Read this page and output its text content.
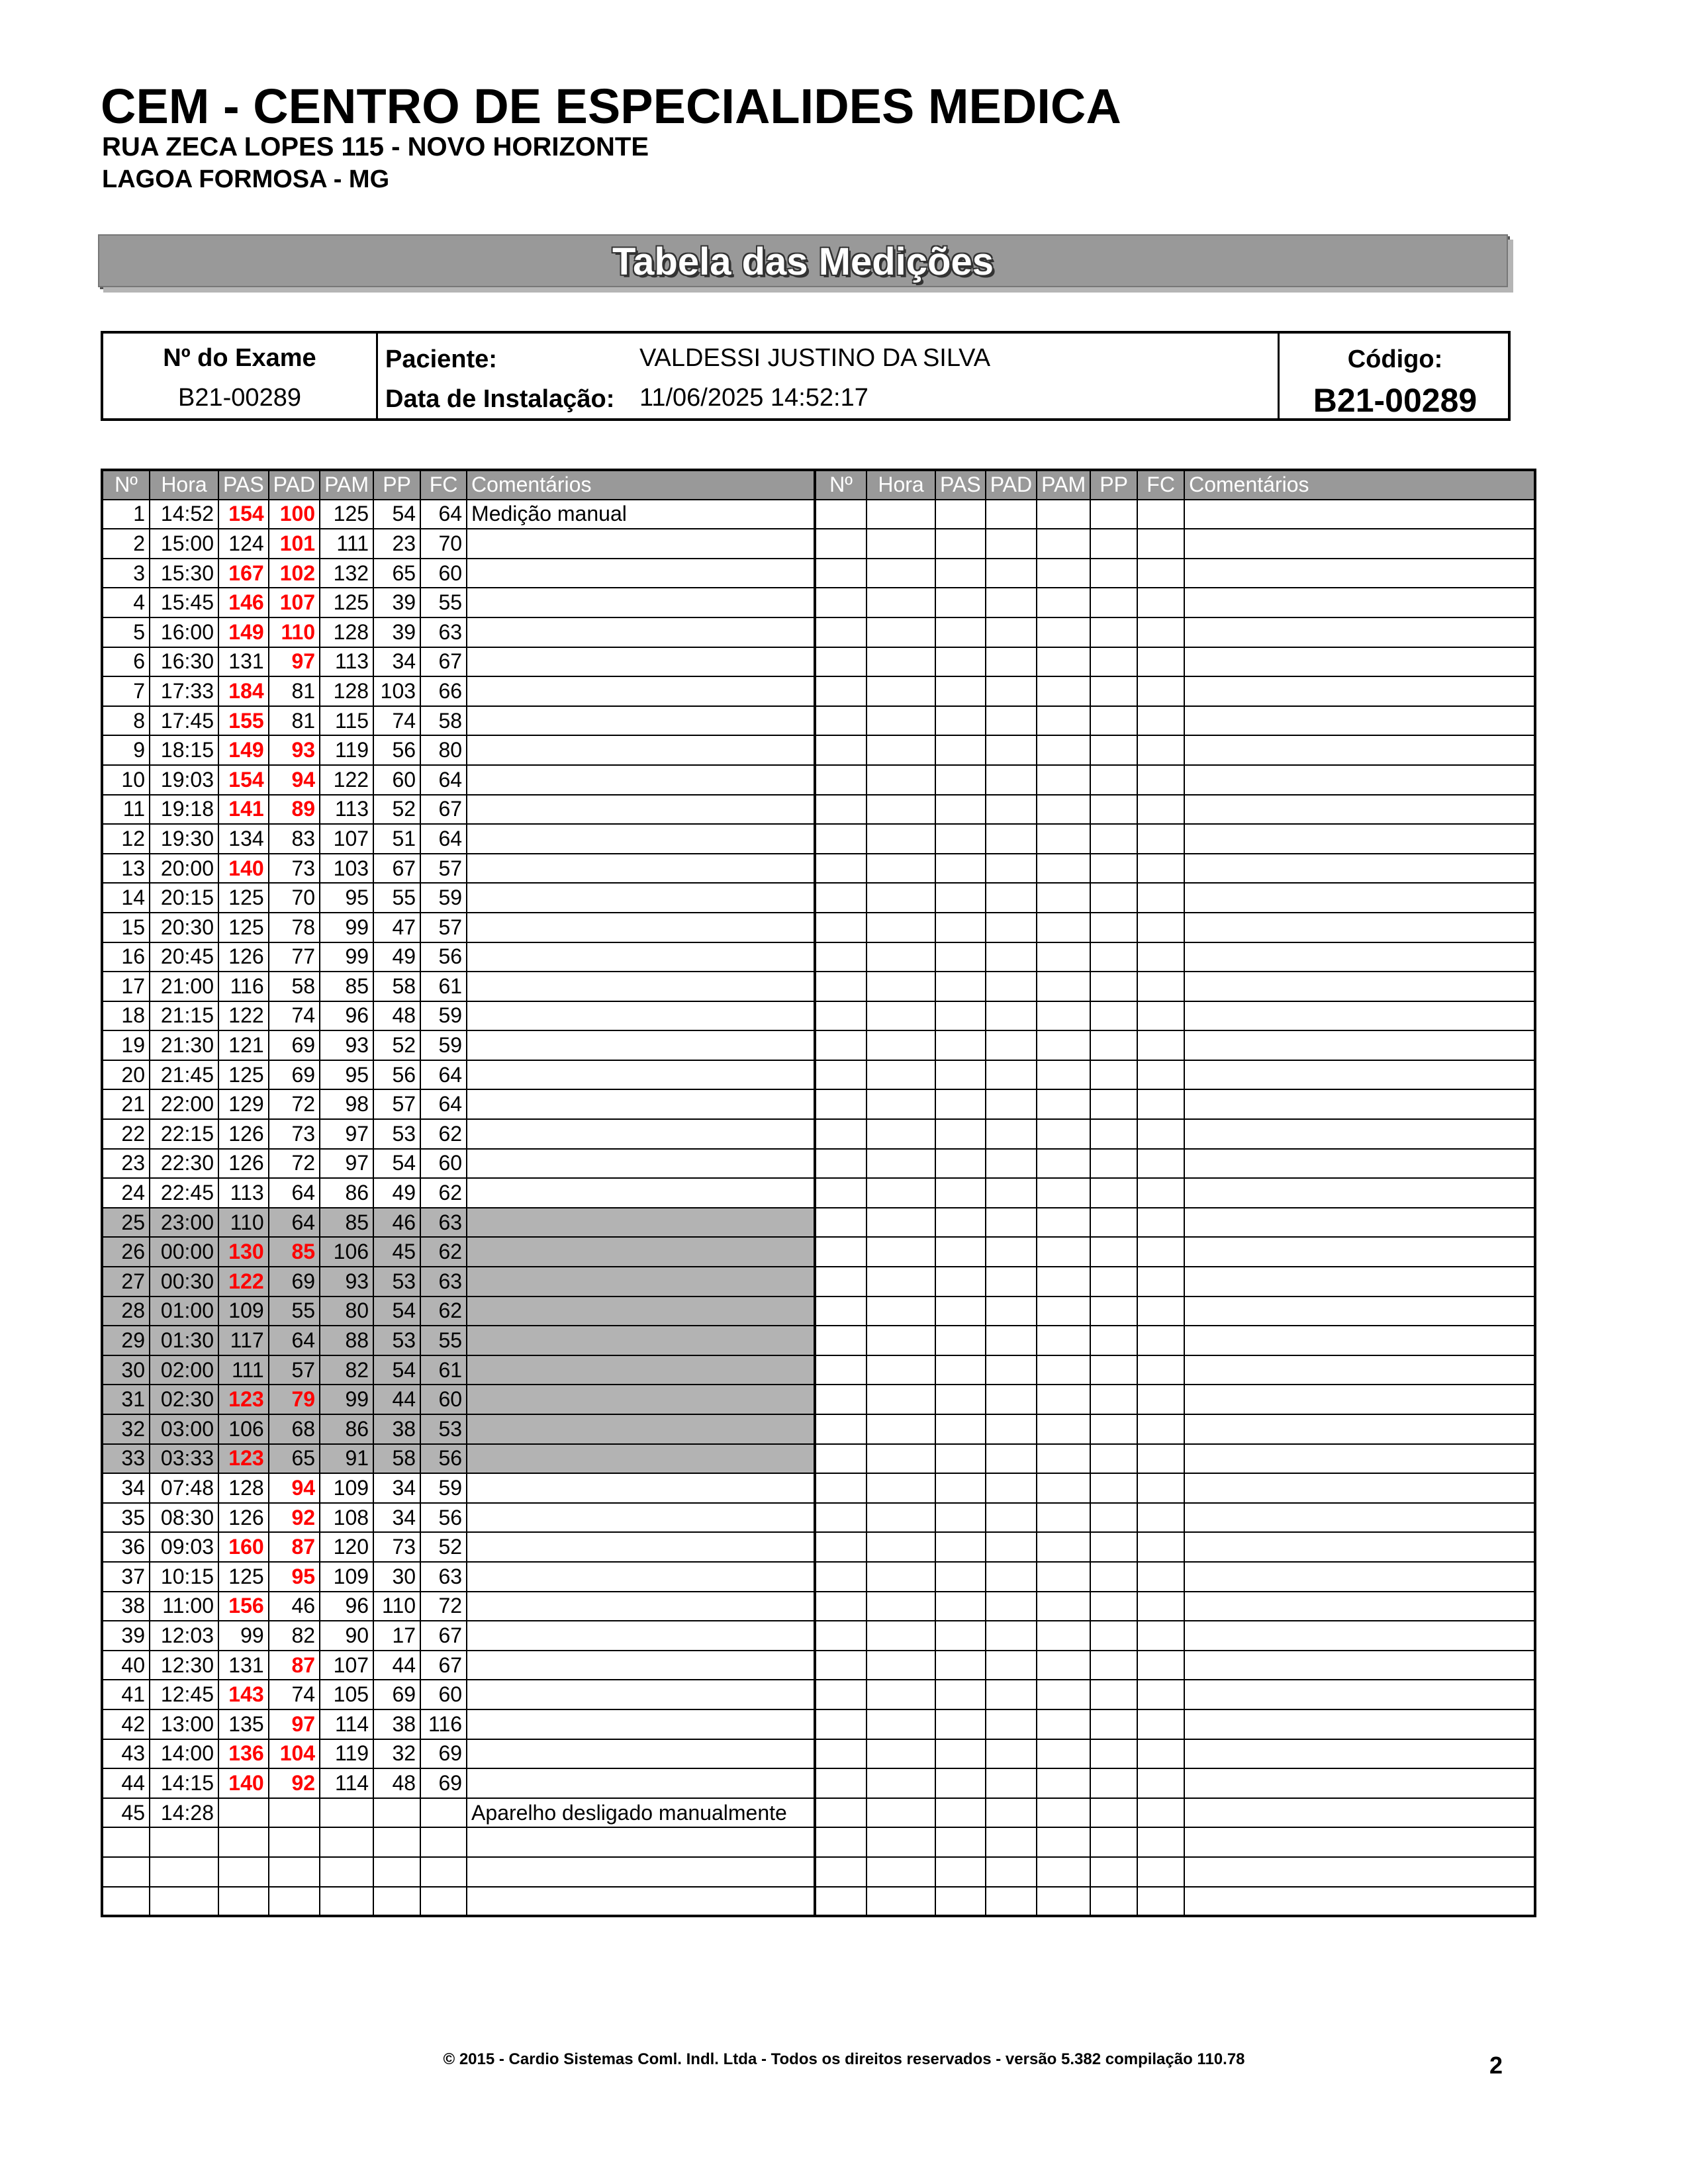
CEM - CENTRO DE ESPECIALIDES MEDICA
RUA ZECA LOPES 115 - NOVO HORIZONTE
LAGOA FORMOSA - MG
Tabela das Medições
Nº do Exame
B21-00289
Paciente:	VALDESSI JUSTINO DA SILVA
Data de Instalação: 11/06/2025 14:52:17
Código:
B21-00289
Nº	Hora	PAS	PAD	PAM	PP	FC	Comentários	Nº	Hora	PAS	PAD	PAM	PP	FC	Comentários
1	14:52	154	100	125	54	64	Medição manual								
2	15:00	124	101	111	23	70									
3	15:30	167	102	132	65	60									
4	15:45	146	107	125	39	55									
5	16:00	149	110	128	39	63									
6	16:30	131	97	113	34	67									
7	17:33	184	81	128	103	66									
8	17:45	155	81	115	74	58									
9	18:15	149	93	119	56	80									
10	19:03	154	94	122	60	64									
11	19:18	141	89	113	52	67									
12	19:30	134	83	107	51	64									
13	20:00	140	73	103	67	57									
14	20:15	125	70	95	55	59									
15	20:30	125	78	99	47	57									
16	20:45	126	77	99	49	56									
17	21:00	116	58	85	58	61									
18	21:15	122	74	96	48	59									
19	21:30	121	69	93	52	59									
20	21:45	125	69	95	56	64									
21	22:00	129	72	98	57	64									
22	22:15	126	73	97	53	62									
23	22:30	126	72	97	54	60									
24	22:45	113	64	86	49	62									
25	23:00	110	64	85	46	63									
26	00:00	130	85	106	45	62									
27	00:30	122	69	93	53	63									
28	01:00	109	55	80	54	62									
29	01:30	117	64	88	53	55									
30	02:00	111	57	82	54	61									
31	02:30	123	79	99	44	60									
32	03:00	106	68	86	38	53									
33	03:33	123	65	91	58	56									
34	07:48	128	94	109	34	59									
35	08:30	126	92	108	34	56									
36	09:03	160	87	120	73	52									
37	10:15	125	95	109	30	63									
38	11:00	156	46	96	110	72									
39	12:03	99	82	90	17	67									
40	12:30	131	87	107	44	67									
41	12:45	143	74	105	69	60									
42	13:00	135	97	114	38	116									
43	14:00	136	104	119	32	69									
44	14:15	140	92	114	48	69									
45	14:28						Aparelho desligado manualmente								

© 2015 - Cardio Sistemas Coml. Indl. Ltda - Todos os direitos reservados - versão 5.382 compilação 110.78	2
